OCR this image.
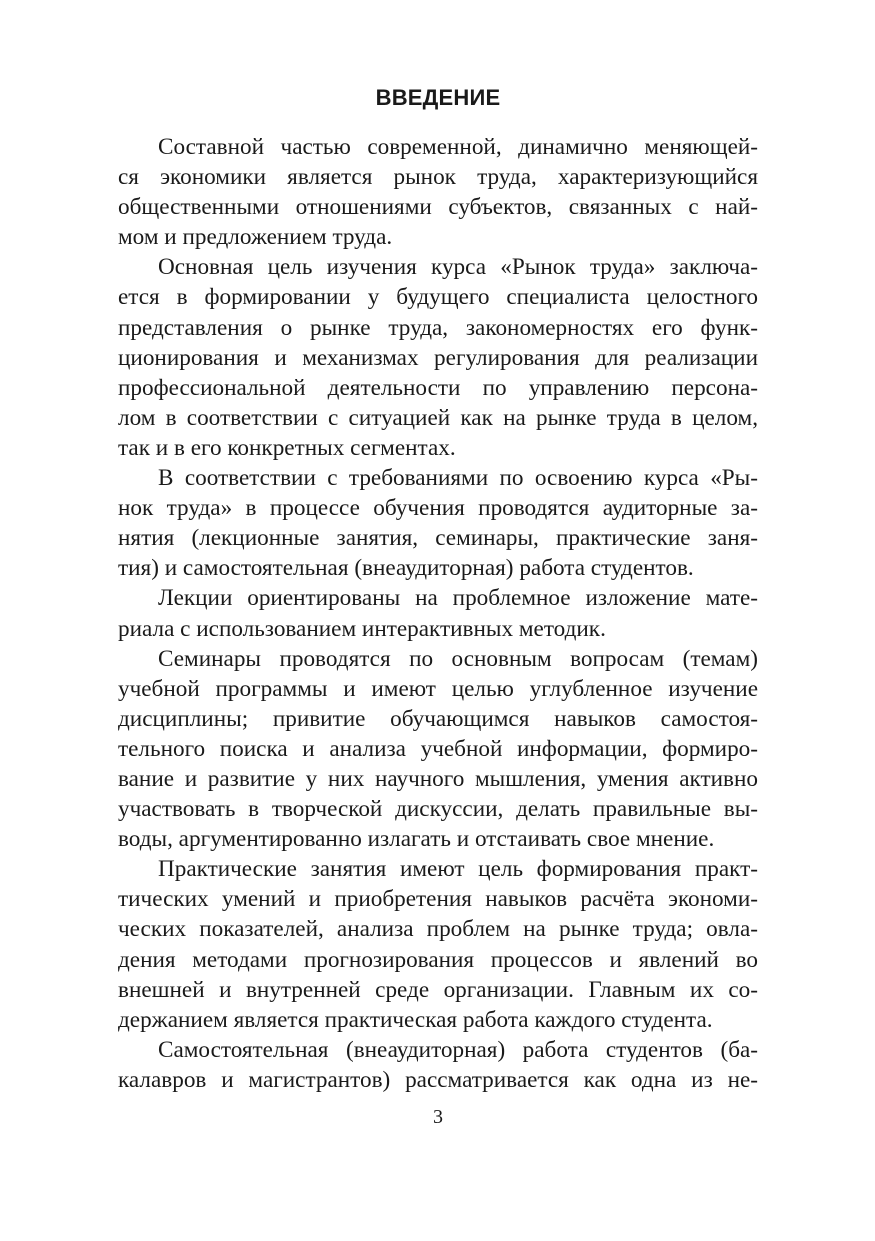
ВВЕДЕНИЕ
Составной частью современной, динамично меняющей-
ся экономики является рынок труда, характеризующийся
общественными отношениями субъектов, связанных с най-
мом и предложением труда.
Основная цель изучения курса «Рынок труда» заключа-
ется в формировании у будущего специалиста целостного
представления о рынке труда, закономерностях его функ-
ционирования и механизмах регулирования для реализации
профессиональной деятельности по управлению персона-
лом в соответствии с ситуацией как на рынке труда в целом,
так и в его конкретных сегментах.
В соответствии с требованиями по освоению курса «Ры-
нок труда» в процессе обучения проводятся аудиторные за-
нятия (лекционные занятия, семинары, практические заня-
тия) и самостоятельная (внеаудиторная) работа студентов.
Лекции ориентированы на проблемное изложение мате-
риала с использованием интерактивных методик.
Семинары проводятся по основным вопросам (темам)
учебной программы и имеют целью углубленное изучение
дисциплины; привитие обучающимся навыков самостоя-
тельного поиска и анализа учебной информации, формиро-
вание и развитие у них научного мышления, умения активно
участвовать в творческой дискуссии, делать правильные вы-
воды, аргументированно излагать и отстаивать свое мнение.
Практические занятия имеют цель формирования практ-
тических умений и приобретения навыков расчёта экономи-
ческих показателей, анализа проблем на рынке труда; овла-
дения методами прогнозирования процессов и явлений во
внешней и внутренней среде организации. Главным их со-
держанием является практическая работа каждого студента.
Самостоятельная (внеаудиторная) работа студентов (ба-
калавров и магистрантов) рассматривается как одна из не-
3
